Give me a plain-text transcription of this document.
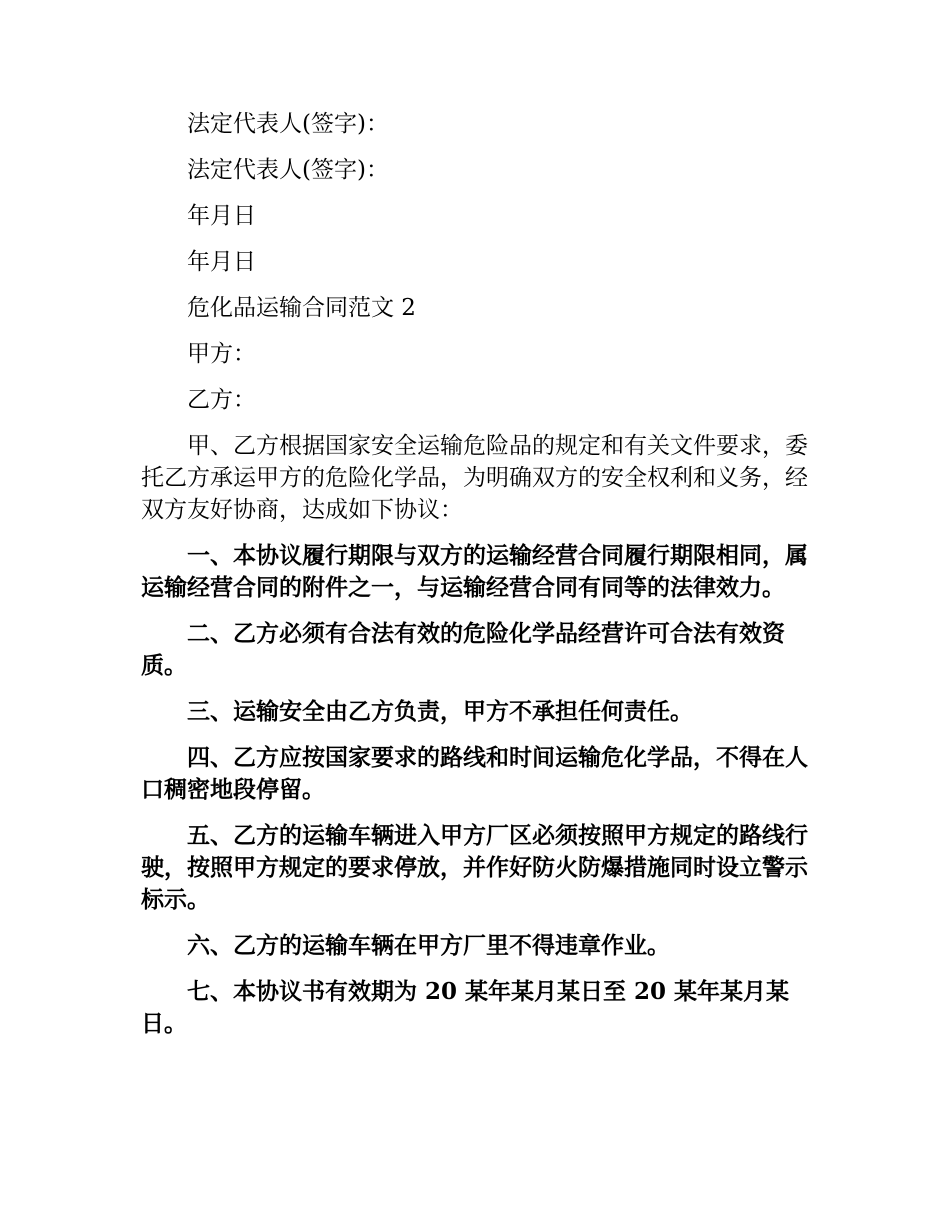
法定代表人(签字)：

法定代表人(签字)：

年月日

年月日

危化品运输合同范文 2

甲方：

乙方：

甲、乙方根据国家安全运输危险品的规定和有关文件要求，委托乙方承运甲方的危险化学品，为明确双方的安全权利和义务，经双方友好协商，达成如下协议：

一、本协议履行期限与双方的运输经营合同履行期限相同，属运输经营合同的附件之一，与运输经营合同有同等的法律效力。

二、乙方必须有合法有效的危险化学品经营许可合法有效资质。

三、运输安全由乙方负责，甲方不承担任何责任。

四、乙方应按国家要求的路线和时间运输危化学品，不得在人口稠密地段停留。

五、乙方的运输车辆进入甲方厂区必须按照甲方规定的路线行驶，按照甲方规定的要求停放，并作好防火防爆措施同时设立警示标示。

六、乙方的运输车辆在甲方厂里不得违章作业。

七、本协议书有效期为 20 某年某月某日至 20 某年某月某日。
